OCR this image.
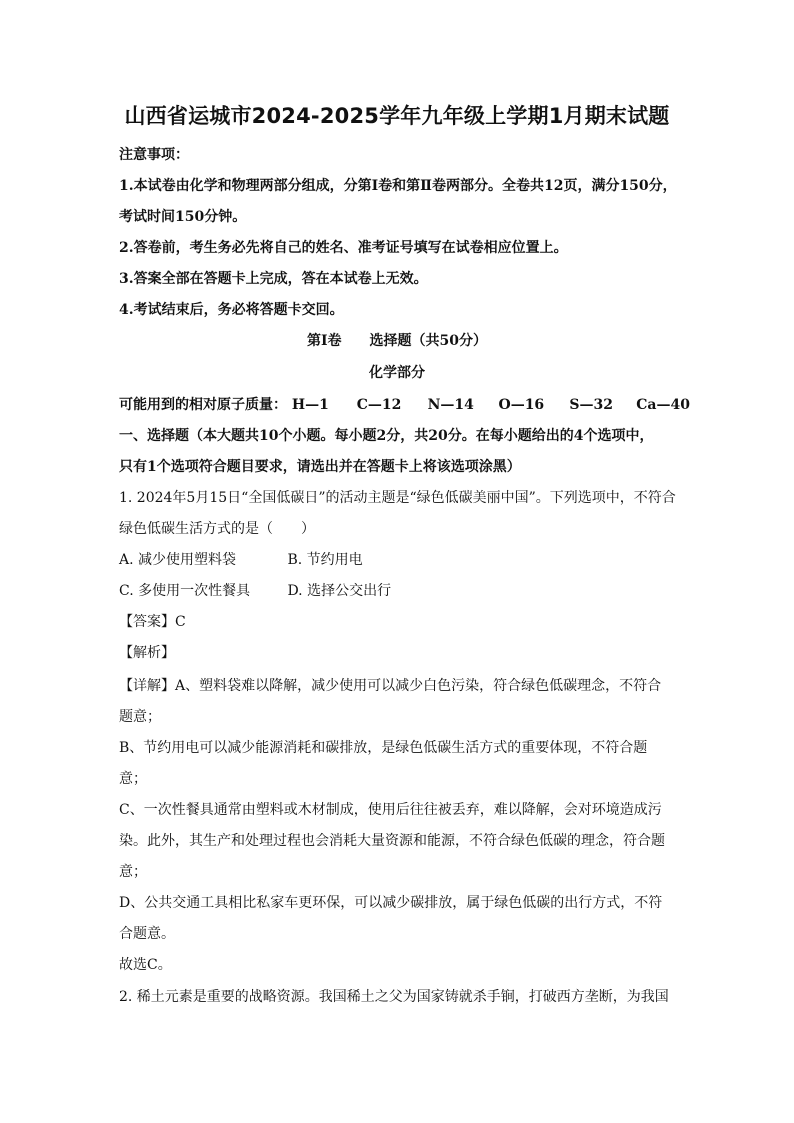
山西省运城市2024-2025学年九年级上学期1月期末试题
注意事项：
1.本试卷由化学和物理两部分组成，分第Ⅰ卷和第Ⅱ卷两部分。全卷共12页，满分150分，
考试时间150分钟。
2.答卷前，考生务必先将自己的姓名、准考证号填写在试卷相应位置上。
3.答案全部在答题卡上完成，答在本试卷上无效。
4.考试结束后，务必将答题卡交回。
第Ⅰ卷　　选择题（共50分）
化学部分
可能用到的相对原子质量： H—1 C—12 N—14 O—16 S—32 Ca—40
一、选择题（本大题共10个小题。每小题2分，共20分。在每小题给出的4个选项中，
只有1个选项符合题目要求，请选出并在答题卡上将该选项涂黑）
1. 2024年5月15日“全国低碳日”的活动主题是“绿色低碳美丽中国”。下列选项中，不符合
绿色低碳生活方式的是（　　）
A. 减少使用塑料袋	B. 节约用电
C. 多使用一次性餐具	D. 选择公交出行
【答案】C
【解析】
【详解】A、塑料袋难以降解，减少使用可以减少白色污染，符合绿色低碳理念，不符合
题意；
B、节约用电可以减少能源消耗和碳排放，是绿色低碳生活方式的重要体现，不符合题
意；
C、一次性餐具通常由塑料或木材制成，使用后往往被丢弃，难以降解，会对环境造成污
染。此外，其生产和处理过程也会消耗大量资源和能源，不符合绿色低碳的理念，符合题
意；
D、公共交通工具相比私家车更环保，可以减少碳排放，属于绿色低碳的出行方式，不符
合题意。
故选C。
2. 稀土元素是重要的战略资源。我国稀土之父为国家铸就杀手锏，打破西方垄断，为我国
